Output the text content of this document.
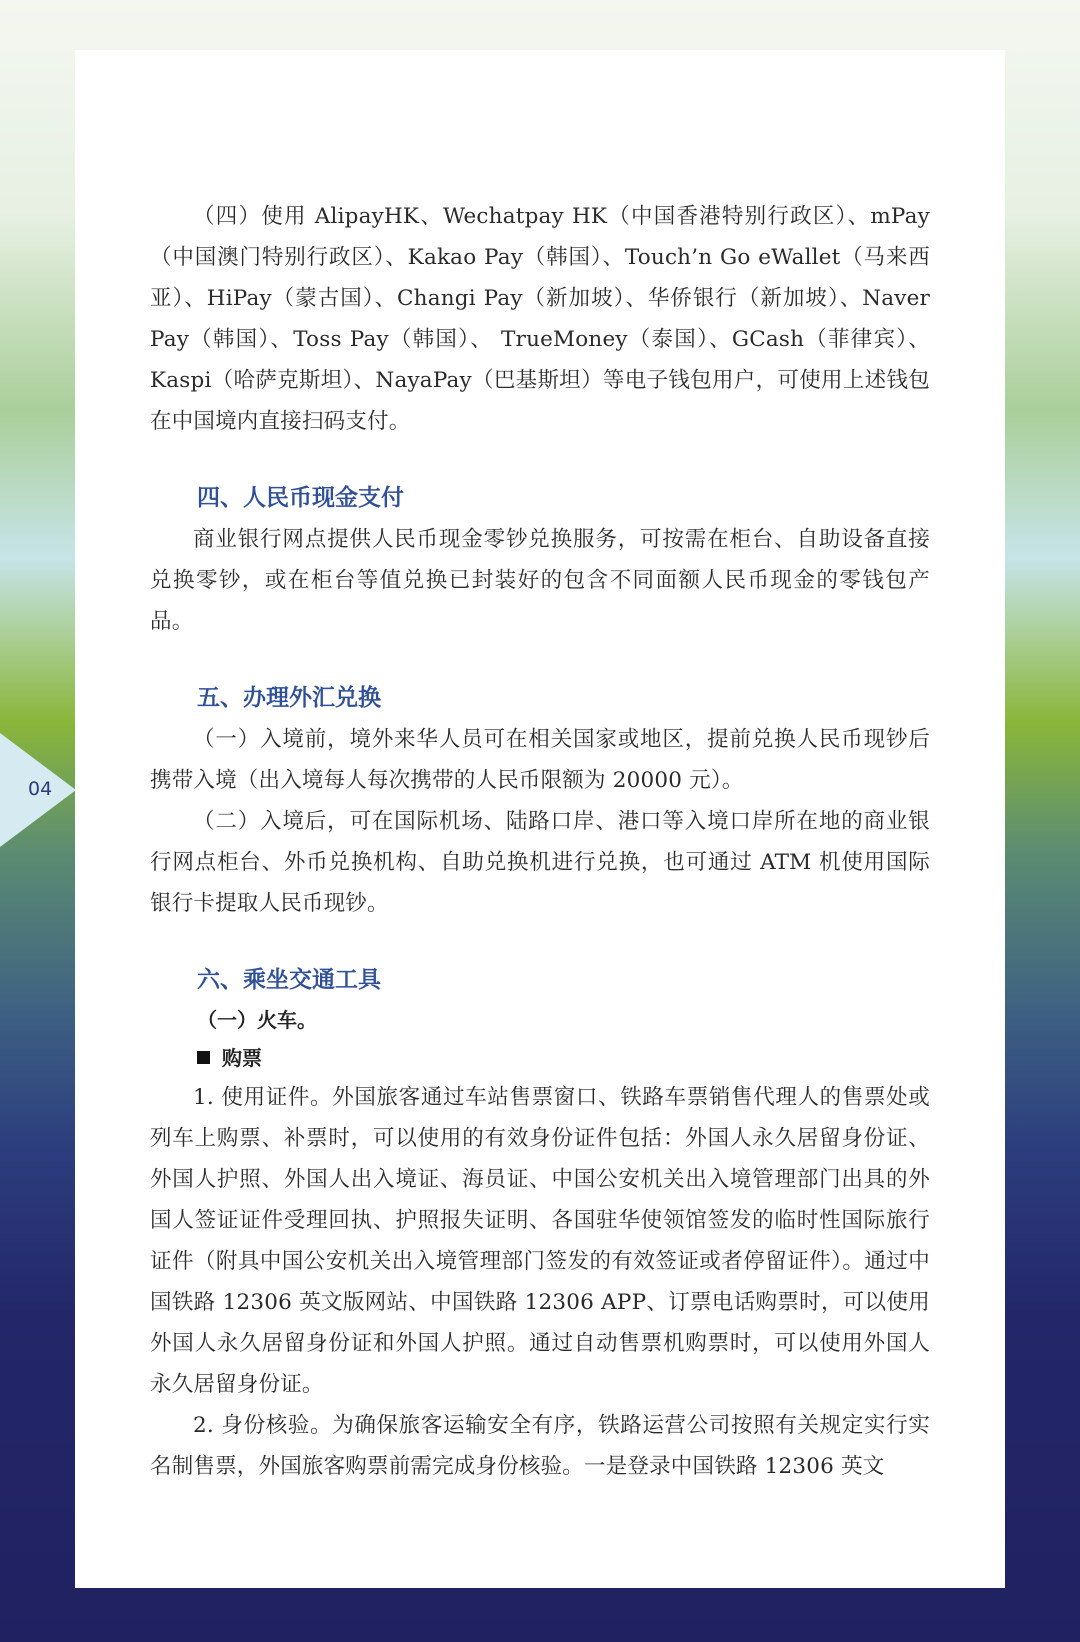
04

（四）使用 AlipayHK、Wechatpay HK（中国香港特别行政区）、mPay（中国澳门特别行政区）、Kakao Pay（韩国）、Touch’n Go eWallet（马来西亚）、HiPay（蒙古国）、Changi Pay（新加坡）、华侨银行（新加坡）、Naver Pay（韩国）、Toss Pay（韩国）、 TrueMoney（泰国）、GCash（菲律宾）、Kaspi（哈萨克斯坦）、NayaPay（巴基斯坦）等电子钱包用户，可使用上述钱包在中国境内直接扫码支付。

四、人民币现金支付

商业银行网点提供人民币现金零钞兑换服务，可按需在柜台、自助设备直接兑换零钞，或在柜台等值兑换已封装好的包含不同面额人民币现金的零钱包产品。

五、办理外汇兑换

（一）入境前，境外来华人员可在相关国家或地区，提前兑换人民币现钞后携带入境（出入境每人每次携带的人民币限额为 20000 元）。

（二）入境后，可在国际机场、陆路口岸、港口等入境口岸所在地的商业银行网点柜台、外币兑换机构、自助兑换机进行兑换，也可通过 ATM 机使用国际银行卡提取人民币现钞。

六、乘坐交通工具
（一）火车。
购票

1. 使用证件。外国旅客通过车站售票窗口、铁路车票销售代理人的售票处或列车上购票、补票时，可以使用的有效身份证件包括：外国人永久居留身份证、外国人护照、外国人出入境证、海员证、中国公安机关出入境管理部门出具的外国人签证证件受理回执、护照报失证明、各国驻华使领馆签发的临时性国际旅行证件（附具中国公安机关出入境管理部门签发的有效签证或者停留证件）。通过中国铁路 12306 英文版网站、中国铁路 12306 APP、订票电话购票时，可以使用外国人永久居留身份证和外国人护照。通过自动售票机购票时，可以使用外国人永久居留身份证。

2. 身份核验。为确保旅客运输安全有序，铁路运营公司按照有关规定实行实名制售票，外国旅客购票前需完成身份核验。一是登录中国铁路 12306 英文
